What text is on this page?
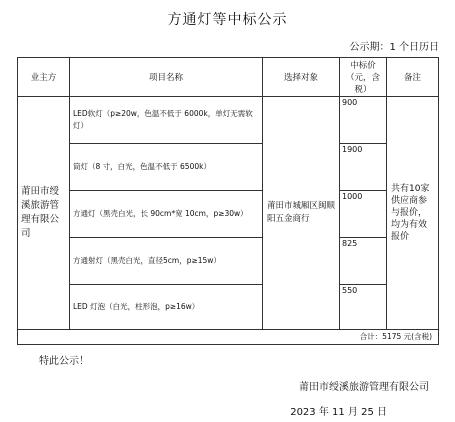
方通灯等中标公示
公示期：1 个日历日
业主方	项目名称	选择对象	中标价（元，含税）	备注
莆田市绶溪旅游管理有限公司	LED软灯（p≥20w，色温不低于 6000k，单灯无需软灯）	莆田市城厢区闽顺阳五金商行	900	共有10家供应商参与报价，均为有效报价
	筒灯（8 寸，白光，色温不低于 6500k）		1900	
	方通灯（黑壳白光，长 90cm*宽 10cm，p≥30w）		1000	
	方通射灯（黑壳白光，直径5cm，p≥15w）		825	
	LED 灯泡（白光，柱形泡，p≥16w）		550	
合计：5175 元(含税)				
特此公示！
莆田市绶溪旅游管理有限公司
2023 年 11 月 25 日
